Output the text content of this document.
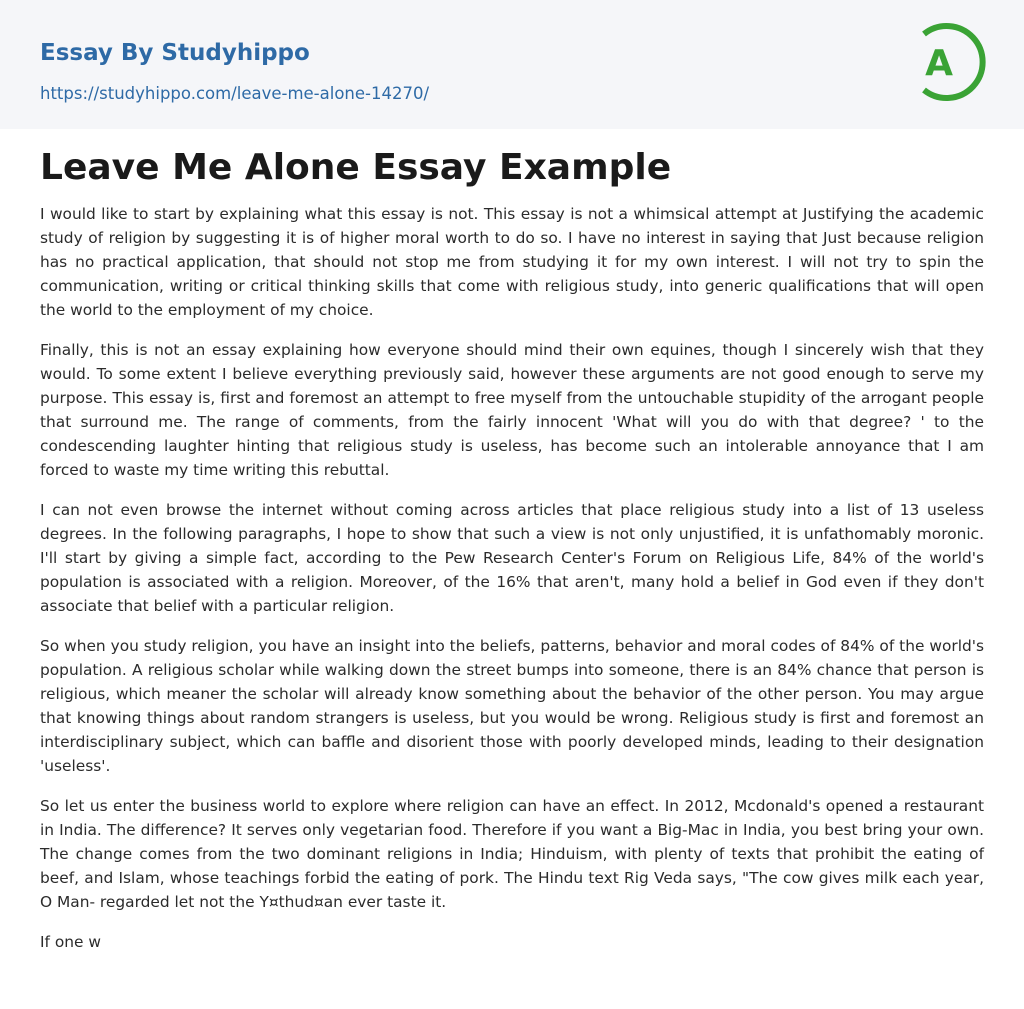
Essay By Studyhippo
https://studyhippo.com/leave-me-alone-14270/
A
Leave Me Alone Essay Example

I would like to start by explaining what this essay is not. This essay is not a whimsical attempt at Justifying the academic study of religion by suggesting it is of higher moral worth to do so. I have no interest in saying that Just because religion has no practical application, that should not stop me from studying it for my own interest. I will not try to spin the communication, writing or critical thinking skills that come with religious study, into generic qualifications that will open the world to the employment of my choice.

Finally, this is not an essay explaining how everyone should mind their own equines, though I sincerely wish that they would. To some extent I believe everything previously said, however these arguments are not good enough to serve my purpose. This essay is, first and foremost an attempt to free myself from the untouchable stupidity of the arrogant people that surround me. The range of comments, from the fairly innocent 'What will you do with that degree? ' to the condescending laughter hinting that religious study is useless, has become such an intolerable annoyance that I am forced to waste my time writing this rebuttal.

I can not even browse the internet without coming across articles that place religious study into a list of 13 useless degrees. In the following paragraphs, I hope to show that such a view is not only unjustified, it is unfathomably moronic. I'll start by giving a simple fact, according to the Pew Research Center's Forum on Religious Life, 84% of the world's population is associated with a religion. Moreover, of the 16% that aren't, many hold a belief in God even if they don't associate that belief with a particular religion.

So when you study religion, you have an insight into the beliefs, patterns, behavior and moral codes of 84% of the world's population. A religious scholar while walking down the street bumps into someone, there is an 84% chance that person is religious, which meaner the scholar will already know something about the behavior of the other person. You may argue that knowing things about random strangers is useless, but you would be wrong. Religious study is first and foremost an interdisciplinary subject, which can baffle and disorient those with poorly developed minds, leading to their designation 'useless'.

So let us enter the business world to explore where religion can have an effect. In 2012, Mcdonald's opened a restaurant in India. The difference? It serves only vegetarian food. Therefore if you want a Big-Mac in India, you best bring your own. The change comes from the two dominant religions in India; Hinduism, with plenty of texts that prohibit the eating of beef, and Islam, whose teachings forbid the eating of pork. The Hindu text Rig Veda says, "The cow gives milk each year, O Man- regarded let not the Y¤thud¤an ever taste it.

If one w
